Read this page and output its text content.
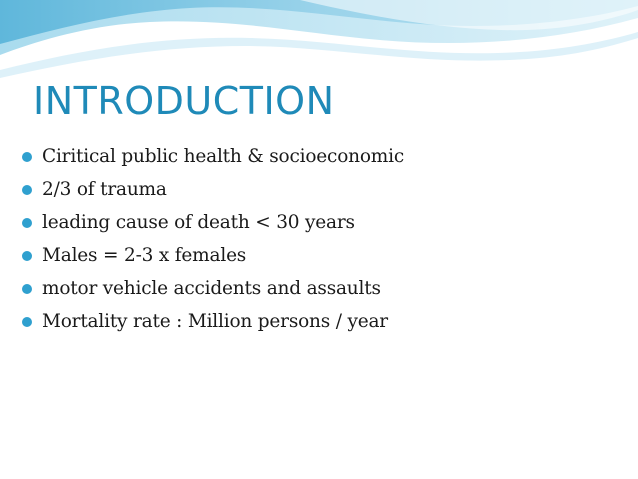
INTRODUCTION
Ciritical public health & socioeconomic
2/3 of trauma
leading cause of death < 30 years
Males = 2-3 x females
motor vehicle accidents and assaults
Mortality rate : Million persons / year
